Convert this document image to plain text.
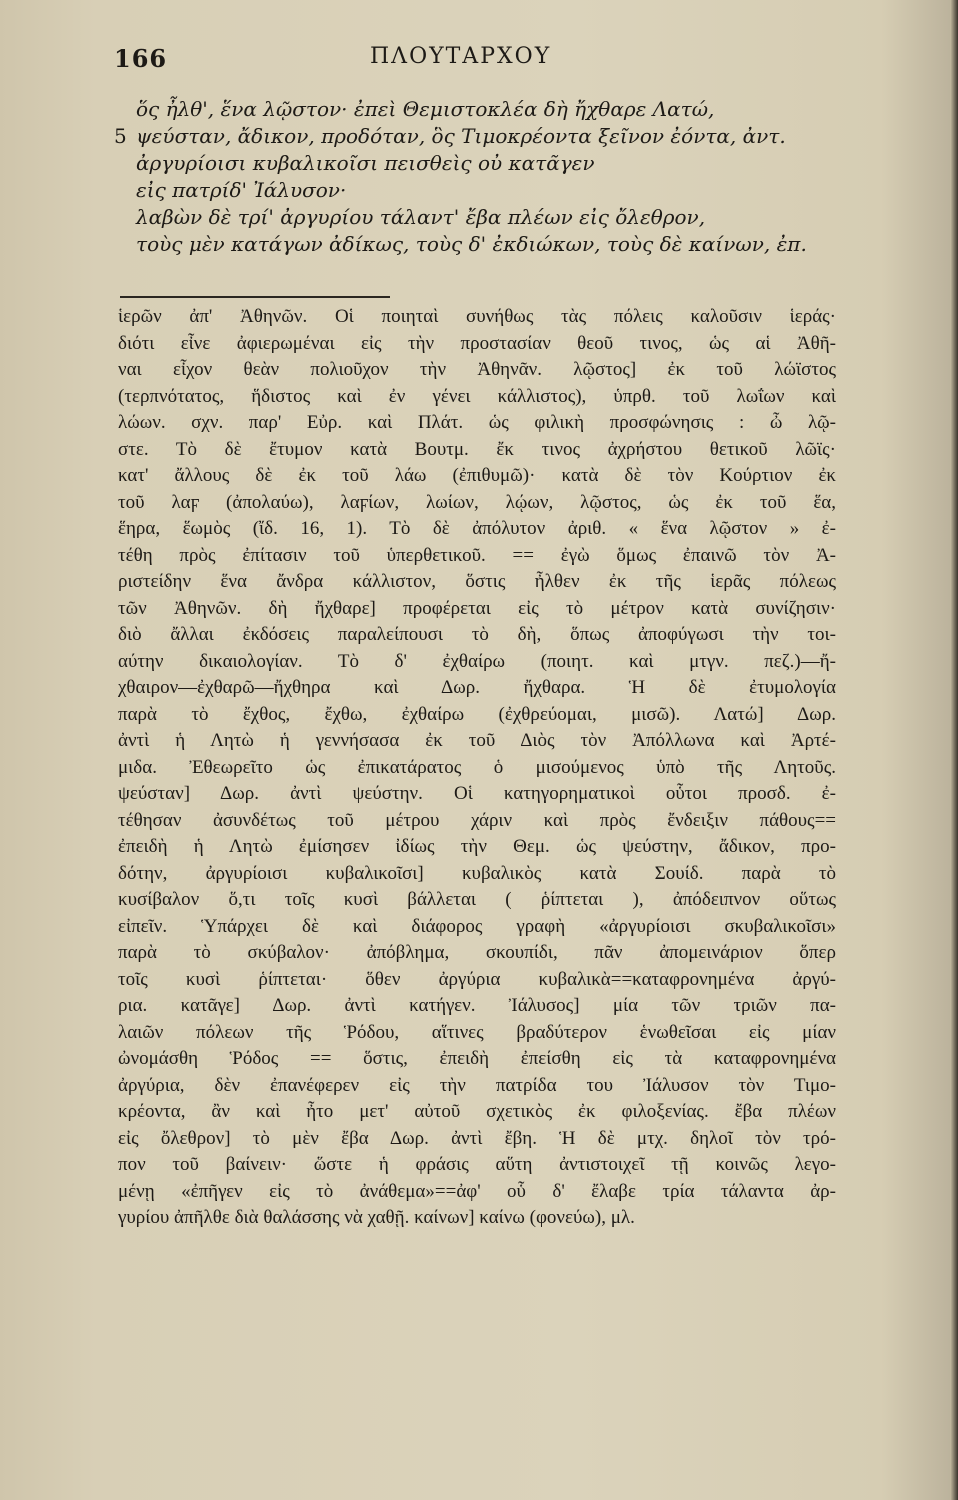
166	ΠΛΟΥΤΑΡΧΟΥ
ὅς ἦλθ', ἕνα λῷστον· ἐπεὶ Θεμιστοκλέα δὴ ἤχθαρε Λατώ,
5 ψεύσταν, ἄδικον, προδόταν, ὃς Τιμοκρέοντα ξεῖνον ἐόντα, ἀντ.
ἀργυρίοισι κυβαλικοῖσι πεισθεὶς οὐ κατᾶγεν
εἰς πατρίδ' Ἰάλυσον·
λαβὼν δὲ τρί' ἀργυρίου τάλαντ' ἔβα πλέων εἰς ὄλεθρον,
τοὺς μὲν κατάγων ἀδίκως, τοὺς δ' ἐκδιώκων, τοὺς δὲ καίνων, ἐπ.
ἱερῶν ἀπ' Ἀθηνῶν. Οἱ ποιηταὶ συνήθως τὰς πόλεις καλοῦσιν ἱεράς·
διότι εἶνε ἀφιερωμέναι εἰς τὴν προστασίαν θεοῦ τινος, ὡς αἱ Ἀθῆ-
ναι εἶχον θεὰν πολιοῦχον τὴν Ἀθηνᾶν. λῷστος] ἐκ τοῦ λώϊστος
(τερπνότατος, ἥδιστος καὶ ἐν γένει κάλλιστος), ὑπρθ. τοῦ λωΐων καὶ
λώων. σχν. παρ' Εὐρ. καὶ Πλάτ. ὡς φιλικὴ προσφώνησις : ὦ λῷ-
στε. Τὸ δὲ ἔτυμον κατὰ Βουτμ. ἔκ τινος ἀχρήστου θετικοῦ λῶϊς·
κατ' ἄλλους δὲ ἐκ τοῦ λάω (ἐπιθυμῶ)· κατὰ δὲ τὸν Κούρτιον ἐκ
τοῦ λαϝ (ἀπολαύω), λαϝίων, λωίων, λῴων, λῷστος, ὡς ἐκ τοῦ ἕα,
ἕηρα, ἕωμὸς (ἴδ. 16, 1). Τὸ δὲ ἀπόλυτον ἀριθ. « ἕνα λῷστον » ἐ-
τέθη πρὸς ἐπίτασιν τοῦ ὑπερθετικοῦ. == ἐγὼ ὅμως ἐπαινῶ τὸν Ἀ-
ριστείδην ἕνα ἄνδρα κάλλιστον, ὅστις ἦλθεν ἐκ τῆς ἱερᾶς πόλεως
τῶν Ἀθηνῶν. δὴ ἤχθαρε] προφέρεται εἰς τὸ μέτρον κατὰ συνίζησιν·
διὸ ἄλλαι ἐκδόσεις παραλείπουσι τὸ δὴ, ὅπως ἀποφύγωσι τὴν τοι-
αύτην δικαιολογίαν. Τὸ δ' ἐχθαίρω (ποιητ. καὶ μτγν. πεζ.)—ἤ-
χθαιρον—ἐχθαρῶ—ἤχθηρα καὶ Δωρ. ἤχθαρα. Ἡ δὲ ἐτυμολογία
παρὰ τὸ ἔχθος, ἔχθω, ἐχθαίρω (ἐχθρεύομαι, μισῶ). Λατώ] Δωρ.
ἀντὶ ἡ Λητὼ ἡ γεννήσασα ἐκ τοῦ Διὸς τὸν Ἀπόλλωνα καὶ Ἀρτέ-
μιδα. Ἐθεωρεῖτο ὡς ἐπικατάρατος ὁ μισούμενος ὑπὸ τῆς Λητοῦς.
ψεύσταν] Δωρ. ἀντὶ ψεύστην. Οἱ κατηγορηματικοὶ οὗτοι προσδ. ἐ-
τέθησαν ἀσυνδέτως τοῦ μέτρου χάριν καὶ πρὸς ἔνδειξιν πάθους==
ἐπειδὴ ἡ Λητὼ ἐμίσησεν ἰδίως τὴν Θεμ. ὡς ψεύστην, ἄδικον, προ-
δότην, ἀργυρίοισι κυβαλικοῖσι] κυβαλικὸς κατὰ Σουίδ. παρὰ τὸ
κυσίβαλον ὅ,τι τοῖς κυσὶ βάλλεται ( ῥίπτεται ), ἀπόδειπνον οὕτως
εἰπεῖν. Ὑπάρχει δὲ καὶ διάφορος γραφὴ «ἀργυρίοισι σκυβαλικοῖσι»
παρὰ τὸ σκύβαλον· ἀπόβλημα, σκουπίδι, πᾶν ἀπομεινάριον ὅπερ
τοῖς κυσὶ ῥίπτεται· ὅθεν ἀργύρια κυβαλικὰ==καταφρονημένα ἀργύ-
ρια. κατᾶγε] Δωρ. ἀντὶ κατήγεν. Ἰάλυσος] μία τῶν τριῶν πα-
λαιῶν πόλεων τῆς Ῥόδου, αἵτινες βραδύτερον ἑνωθεῖσαι εἰς μίαν
ὠνομάσθη Ῥόδος == ὅστις, ἐπειδὴ ἐπείσθη εἰς τὰ καταφρονημένα
ἀργύρια, δὲν ἐπανέφερεν εἰς τὴν πατρίδα του Ἰάλυσον τὸν Τιμο-
κρέοντα, ἂν καὶ ἦτο μετ' αὐτοῦ σχετικὸς ἐκ φιλοξενίας. ἔβα πλέων
εἰς ὄλεθρον] τὸ μὲν ἔβα Δωρ. ἀντὶ ἔβη. Ἡ δὲ μτχ. δηλοῖ τὸν τρό-
πον τοῦ βαίνειν· ὥστε ἡ φράσις αὕτη ἀντιστοιχεῖ τῇ κοινῶς λεγο-
μένῃ «ἐπῆγεν εἰς τὸ ἀνάθεμα»==ἀφ' οὗ δ' ἔλαβε τρία τάλαντα ἀρ-
γυρίου ἀπῆλθε διὰ θαλάσσης νὰ χαθῇ. καίνων] καίνω (φονεύω), μλ.
